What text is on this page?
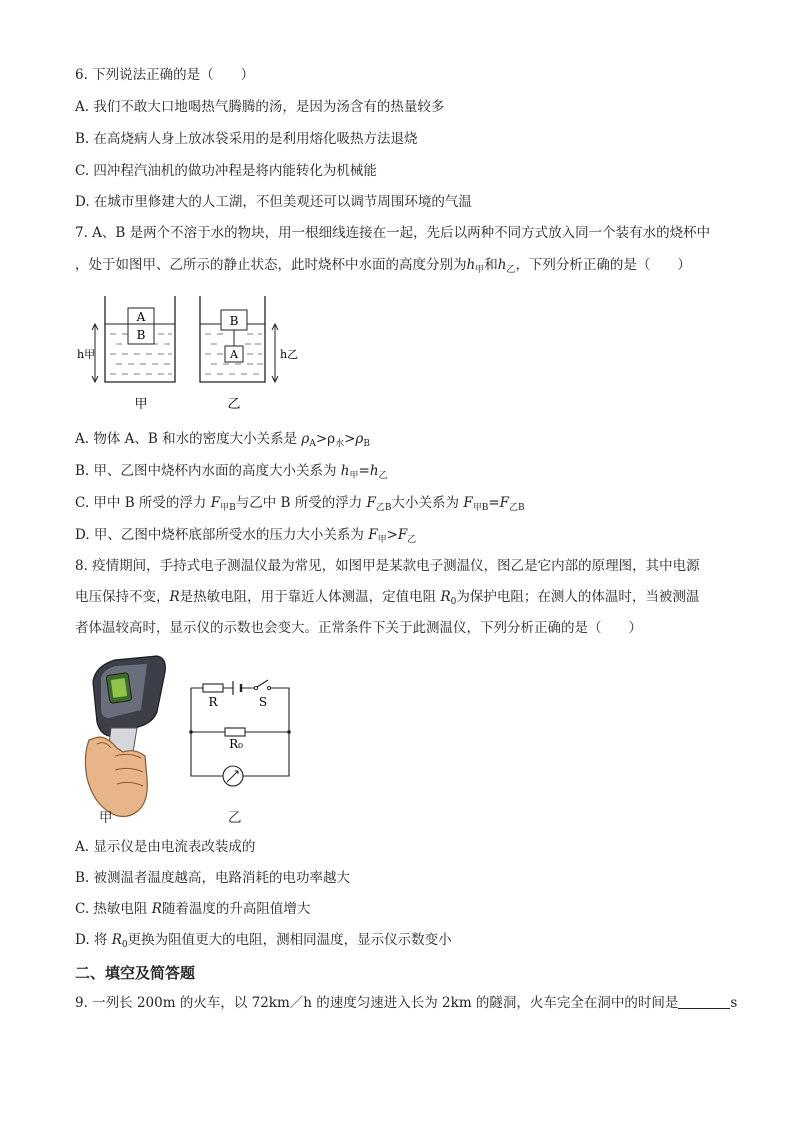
6. 下列说法正确的是（　　）
A. 我们不敢大口地喝热气腾腾的汤，是因为汤含有的热量较多
B. 在高烧病人身上放冰袋采用的是利用熔化吸热方法退烧
C. 四冲程汽油机的做功冲程是将内能转化为机械能
D. 在城市里修建大的人工湖，不但美观还可以调节周围环境的气温
7. A、B 是两个不溶于水的物块，用一根细线连接在一起，先后以两种不同方式放入同一个装有水的烧杯中
，处于如图甲、乙所示的静止状态，此时烧杯中水面的高度分别为$h_甲$和$h_乙$，下列分析正确的是（　　）
A
B
h甲
B
A	h乙
甲	乙
A. 物体 A、B 和水的密度大小关系是 $\rho_A>\rho_水>\rho_B$
B. 甲、乙图中烧杯内水面的高度大小关系为 $h_甲=h_乙$
C. 甲中 B 所受的浮力 $F_{甲B}$与乙中 B 所受的浮力 $F_{乙B}$大小关系为 $F_{甲B}=F_{乙B}$
D. 甲、乙图中烧杯底部所受水的压力大小关系为 $F_甲>F_乙$
8. 疫情期间，手持式电子测温仪最为常见，如图甲是某款电子测温仪，图乙是它内部的原理图，其中电源
电压保持不变，R是热敏电阻，用于靠近人体测温，定值电阻 $R_0$为保护电阻；在测人的体温时，当被测温
者体温较高时，显示仪的示数也会变大。正常条件下关于此测温仪，下列分析正确的是（　　）
甲
R	S
R₀
乙
A. 显示仪是由电流表改装成的
B. 被测温者温度越高，电路消耗的电功率越大
C. 热敏电阻 R随着温度的升高阻值增大
D. 将 $R_0$更换为阻值更大的电阻，测相同温度，显示仪示数变小
二、填空及简答题
9. 一列长 200m 的火车，以 72km／h 的速度匀速进入长为 2km 的隧洞，火车完全在洞中的时间是	s
